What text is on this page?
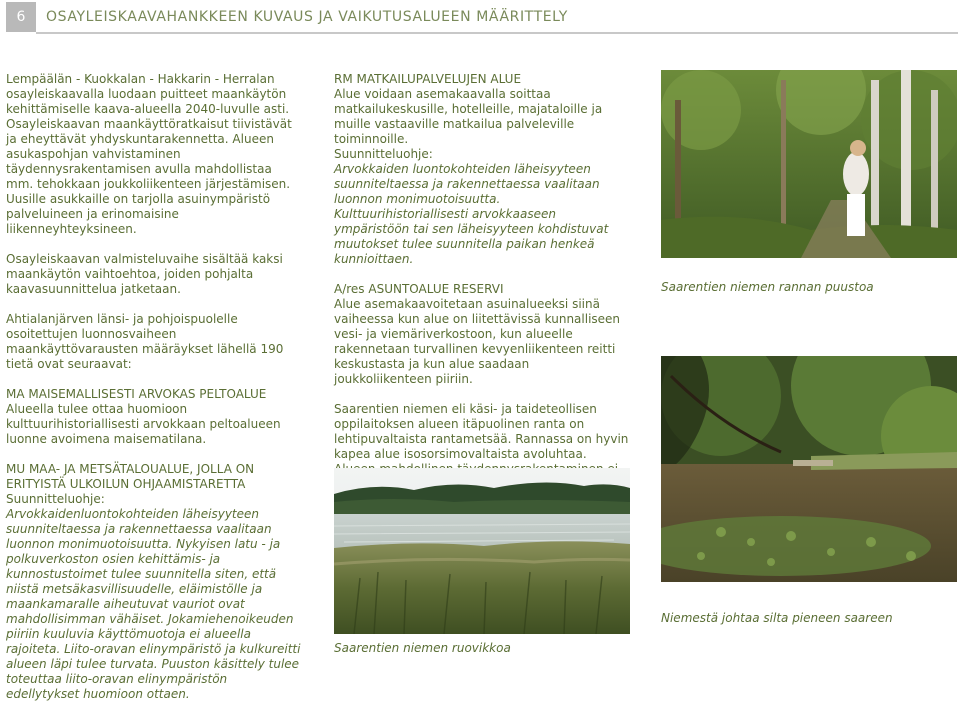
6	OSAYLEISKAAVAHANKKEEN KUVAUS JA VAIKUTUSALUEEN MÄÄRITTELY

Lempäälän - Kuokkalan - Hakkarin - Herralan osayleiskaavalla luodaan puitteet maankäytön kehittämiselle kaava-alueella 2040-luvulle asti. Osayleiskaavan maankäyttöratkaisut tiivistävät ja eheyttävät yhdyskuntarakennetta. Alueen asukaspohjan vahvistaminen täydennysrakentamisen avulla mahdollistaa mm. tehokkaan joukkoliikenteen järjestämisen. Uusille asukkaille on tarjolla asuinympäristö palveluineen ja erinomaisine liikenneyhteyksineen.

Osayleiskaavan valmisteluvaihe sisältää kaksi maankäytön vaihtoehtoa, joiden pohjalta kaavasuunnittelua jatketaan.

Ahtialanjärven länsi- ja pohjoispuolelle osoitettujen luonnosvaiheen maankäyttövarausten määräykset lähellä 190 tietä ovat seuraavat:

MA MAISEMALLISESTI ARVOKAS PELTOALUE
Alueella tulee ottaa huomioon kulttuurihistoriallisesti arvokkaan peltoalueen luonne avoimena maisematilana.
MU MAA- JA METSÄTALOUALUE, JOLLA ON ERITYISTÄ ULKOILUN OHJAAMISTARETTA
Suunnitteluohje:
Arvokkaidenluontokohteiden läheisyyteen suunniteltaessa ja rakennettaessa vaalitaan luonnon monimuotoisuutta. Nykyisen latu - ja polkuverkoston osien kehittämis- ja kunnostustoimet tulee suunnitella siten, että niistä metsäkasvillisuudelle, eläimistölle ja maankamaralle aiheutuvat vauriot ovat mahdollisimman vähäiset. Jokamiehenoikeuden piiriin kuuluvia käyttömuotoja ei alueella rajoiteta. Liito-oravan elinympäristö ja kulkureitti alueen läpi tulee turvata. Puuston käsittely tulee toteuttaa liito-oravan elinympäristön edellytykset huomioon ottaen.
RM MATKAILUPALVELUJEN ALUE
Alue voidaan asemakaavalla soittaa matkailukeskusille, hotelleille, majataloille ja muille vastaaville matkailua palveleville toiminnoille.
Suunnitteluohje:
Arvokkaiden luontokohteiden läheisyyteen suunniteltaessa ja rakennettaessa vaalitaan luonnon monimuotoisuutta. Kulttuurihistoriallisesti arvokkaaseen ympäristöön tai sen läheisyyteen kohdistuvat muutokset tulee suunnitella paikan henkeä kunnioittaen.
A/res ASUNTOALUE RESERVI
Alue asemakaavoitetaan asuinalueeksi siinä vaiheessa kun alue on liitettävissä kunnalliseen vesi- ja viemäriverkostoon, kun alueelle rakennetaan turvallinen kevyenliikenteen reitti keskustasta ja kun alue saadaan joukkoliikenteen piiriin.

Saarentien niemen eli käsi- ja taideteollisen oppilaitoksen alueen itäpuolinen ranta on lehtipuvaltaista rantametsää. Rannassa on hyvin kapea alue isosorsimovaltaista avoluhtaa.

Saarentien niemen ruovikkoa
Saarentien niemen rannan puustoa
Niemestä johtaa silta pieneen saareen
